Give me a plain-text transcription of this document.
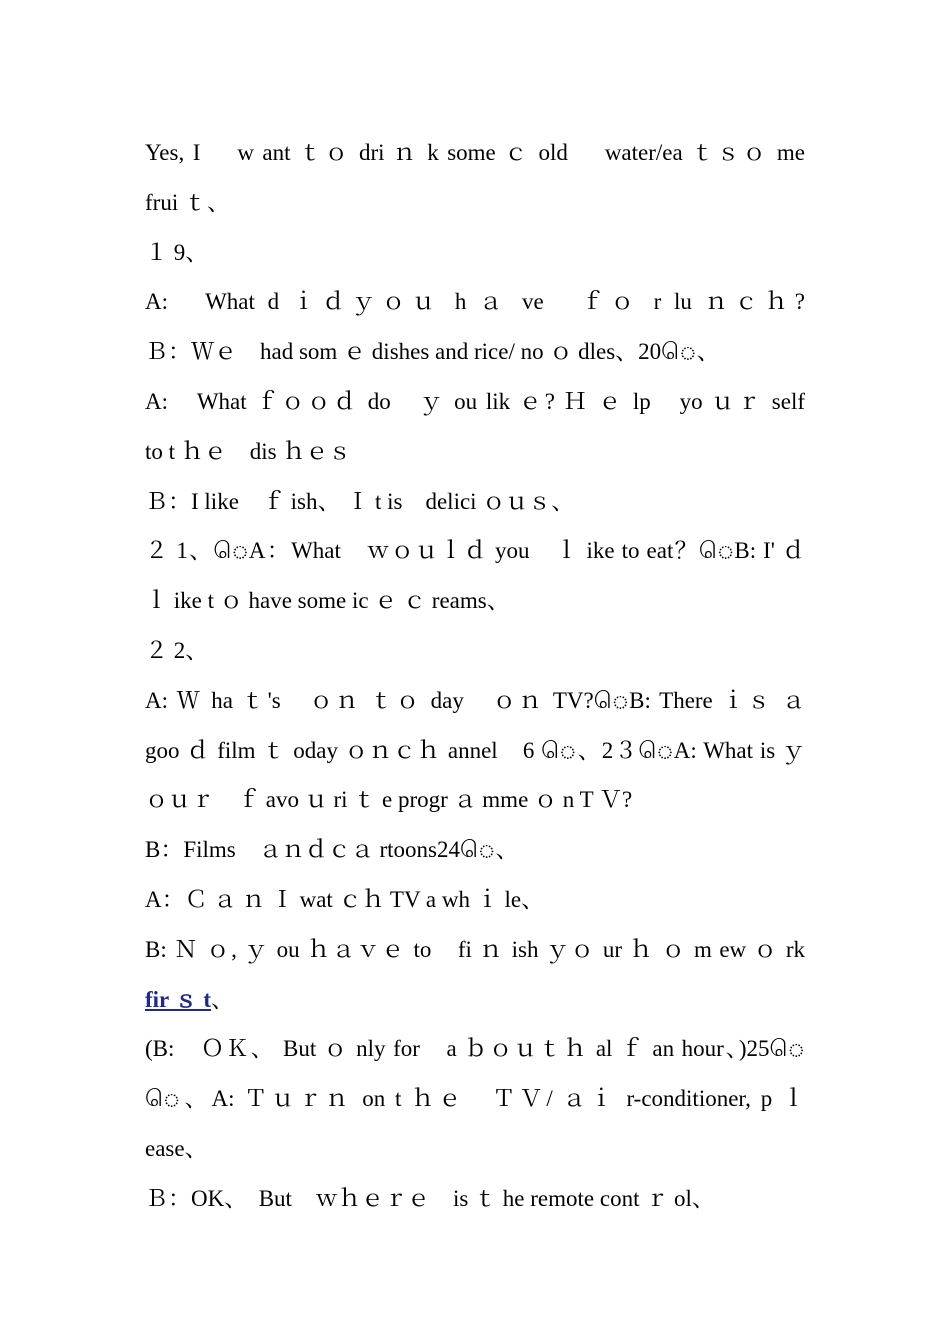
Yes, I　 w ant ｔｏ dri ｎ k some ｃ old　 water/ea ｔｓｏ me
frui ｔ、
１ 9、
A:　What d ｉｄｙｏｕ h ａ ve　ｆｏ r lu ｎｃｈ?
Ｂ：Ｗｅ　had som ｅ dishes and rice/ no ｏ dles、20ெ、
A:　What ｆｏｏｄ do　ｙ ou lik ｅ? Ｈ ｅ lp　yo ｕｒ self
to t ｈｅ　dis ｈｅｓ
Ｂ：I like　ｆ ish、 Ｉ t is　delici ｏｕｓ、
２ 1、ெA：What　ｗｏｕｌｄ you　ｌ ike to eat？ெB: I' ｄ
ｌ ike t ｏ have some ic ｅ ｃ reams、
２ 2、
A: Ｗ ha ｔ's　ｏｎ ｔｏ day　ｏｎ TV?ெB: There ｉｓ ａ
goo ｄ film ｔ oday ｏｎｃｈ annel　6 ெ、2３ெA: What is ｙ
ｏｕｒ　ｆ avo ｕ ri ｔ e progr ａ mme ｏ n T Ｖ?
B：Films　ａｎｄｃａ rtoons24ெ、
A：Ｃ ａ ｎ Ｉ wat ｃｈ TV a wh ｉ le、
B: Ｎ ｏ, ｙ ou ｈａｖｅ to　fi ｎ ish ｙｏ ur ｈ ｏ m ew ｏ rk
fir ｓ t、
(B:　ＯＫ、 But ｏ nly for　a ｂｏｕｔｈ al ｆ an hour、)25ெ
ெ、A: Ｔｕｒｎ on t ｈｅ　ＴＶ/ ａｉ r-conditioner, p ｌ
ease、
Ｂ：OK、　But　ｗｈｅｒｅ　is ｔ he remote cont ｒ ol、
